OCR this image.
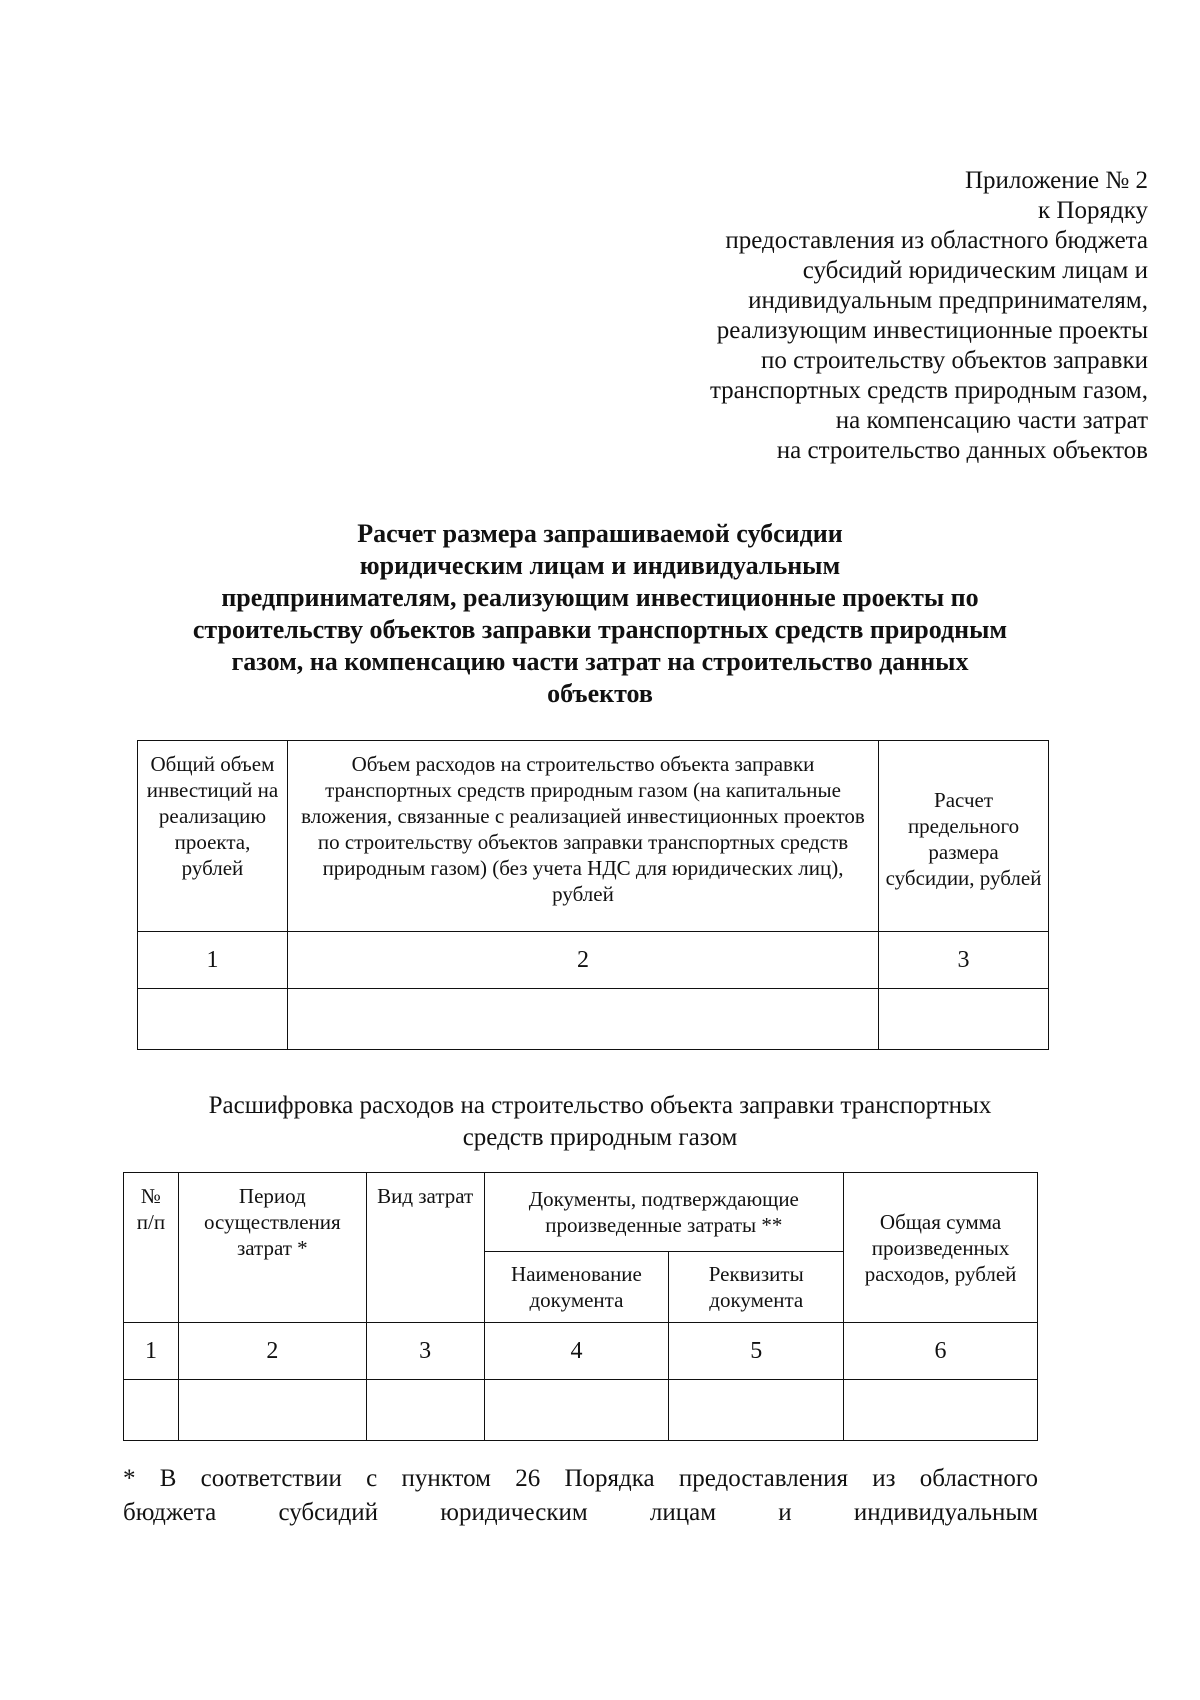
Приложение № 2
к Порядку
предоставления из областного бюджета
субсидий юридическим лицам и
индивидуальным предпринимателям,
реализующим инвестиционные проекты
по строительству объектов заправки
транспортных средств природным газом,
на компенсацию части затрат
на строительство данных объектов
Расчет размера запрашиваемой субсидии
юридическим лицам и индивидуальным
предпринимателям, реализующим инвестиционные проекты по
строительству объектов заправки транспортных средств природным
газом, на компенсацию части затрат на строительство данных
объектов
Общий объем инвестиций на реализацию проекта, рублей	Объем расходов на строительство объекта заправки транспортных средств природным газом (на капитальные вложения, связанные с реализацией инвестиционных проектов по строительству объектов заправки транспортных средств природным газом) (без учета НДС для юридических лиц), рублей	Расчет предельного размера субсидии, рублей
1	2	3

Расшифровка расходов на строительство объекта заправки транспортных
средств природным газом
№ п/п	Период осуществления затрат *	Вид затрат	Документы, подтверждающие произведенные затраты **		Общая сумма произведенных расходов, рублей
			Наименование документа	Реквизиты документа	
1	2	3	4	5	6

* В соответствии с пунктом 26 Порядка предоставления из областного
бюджета субсидий юридическим лицам и индивидуальным
